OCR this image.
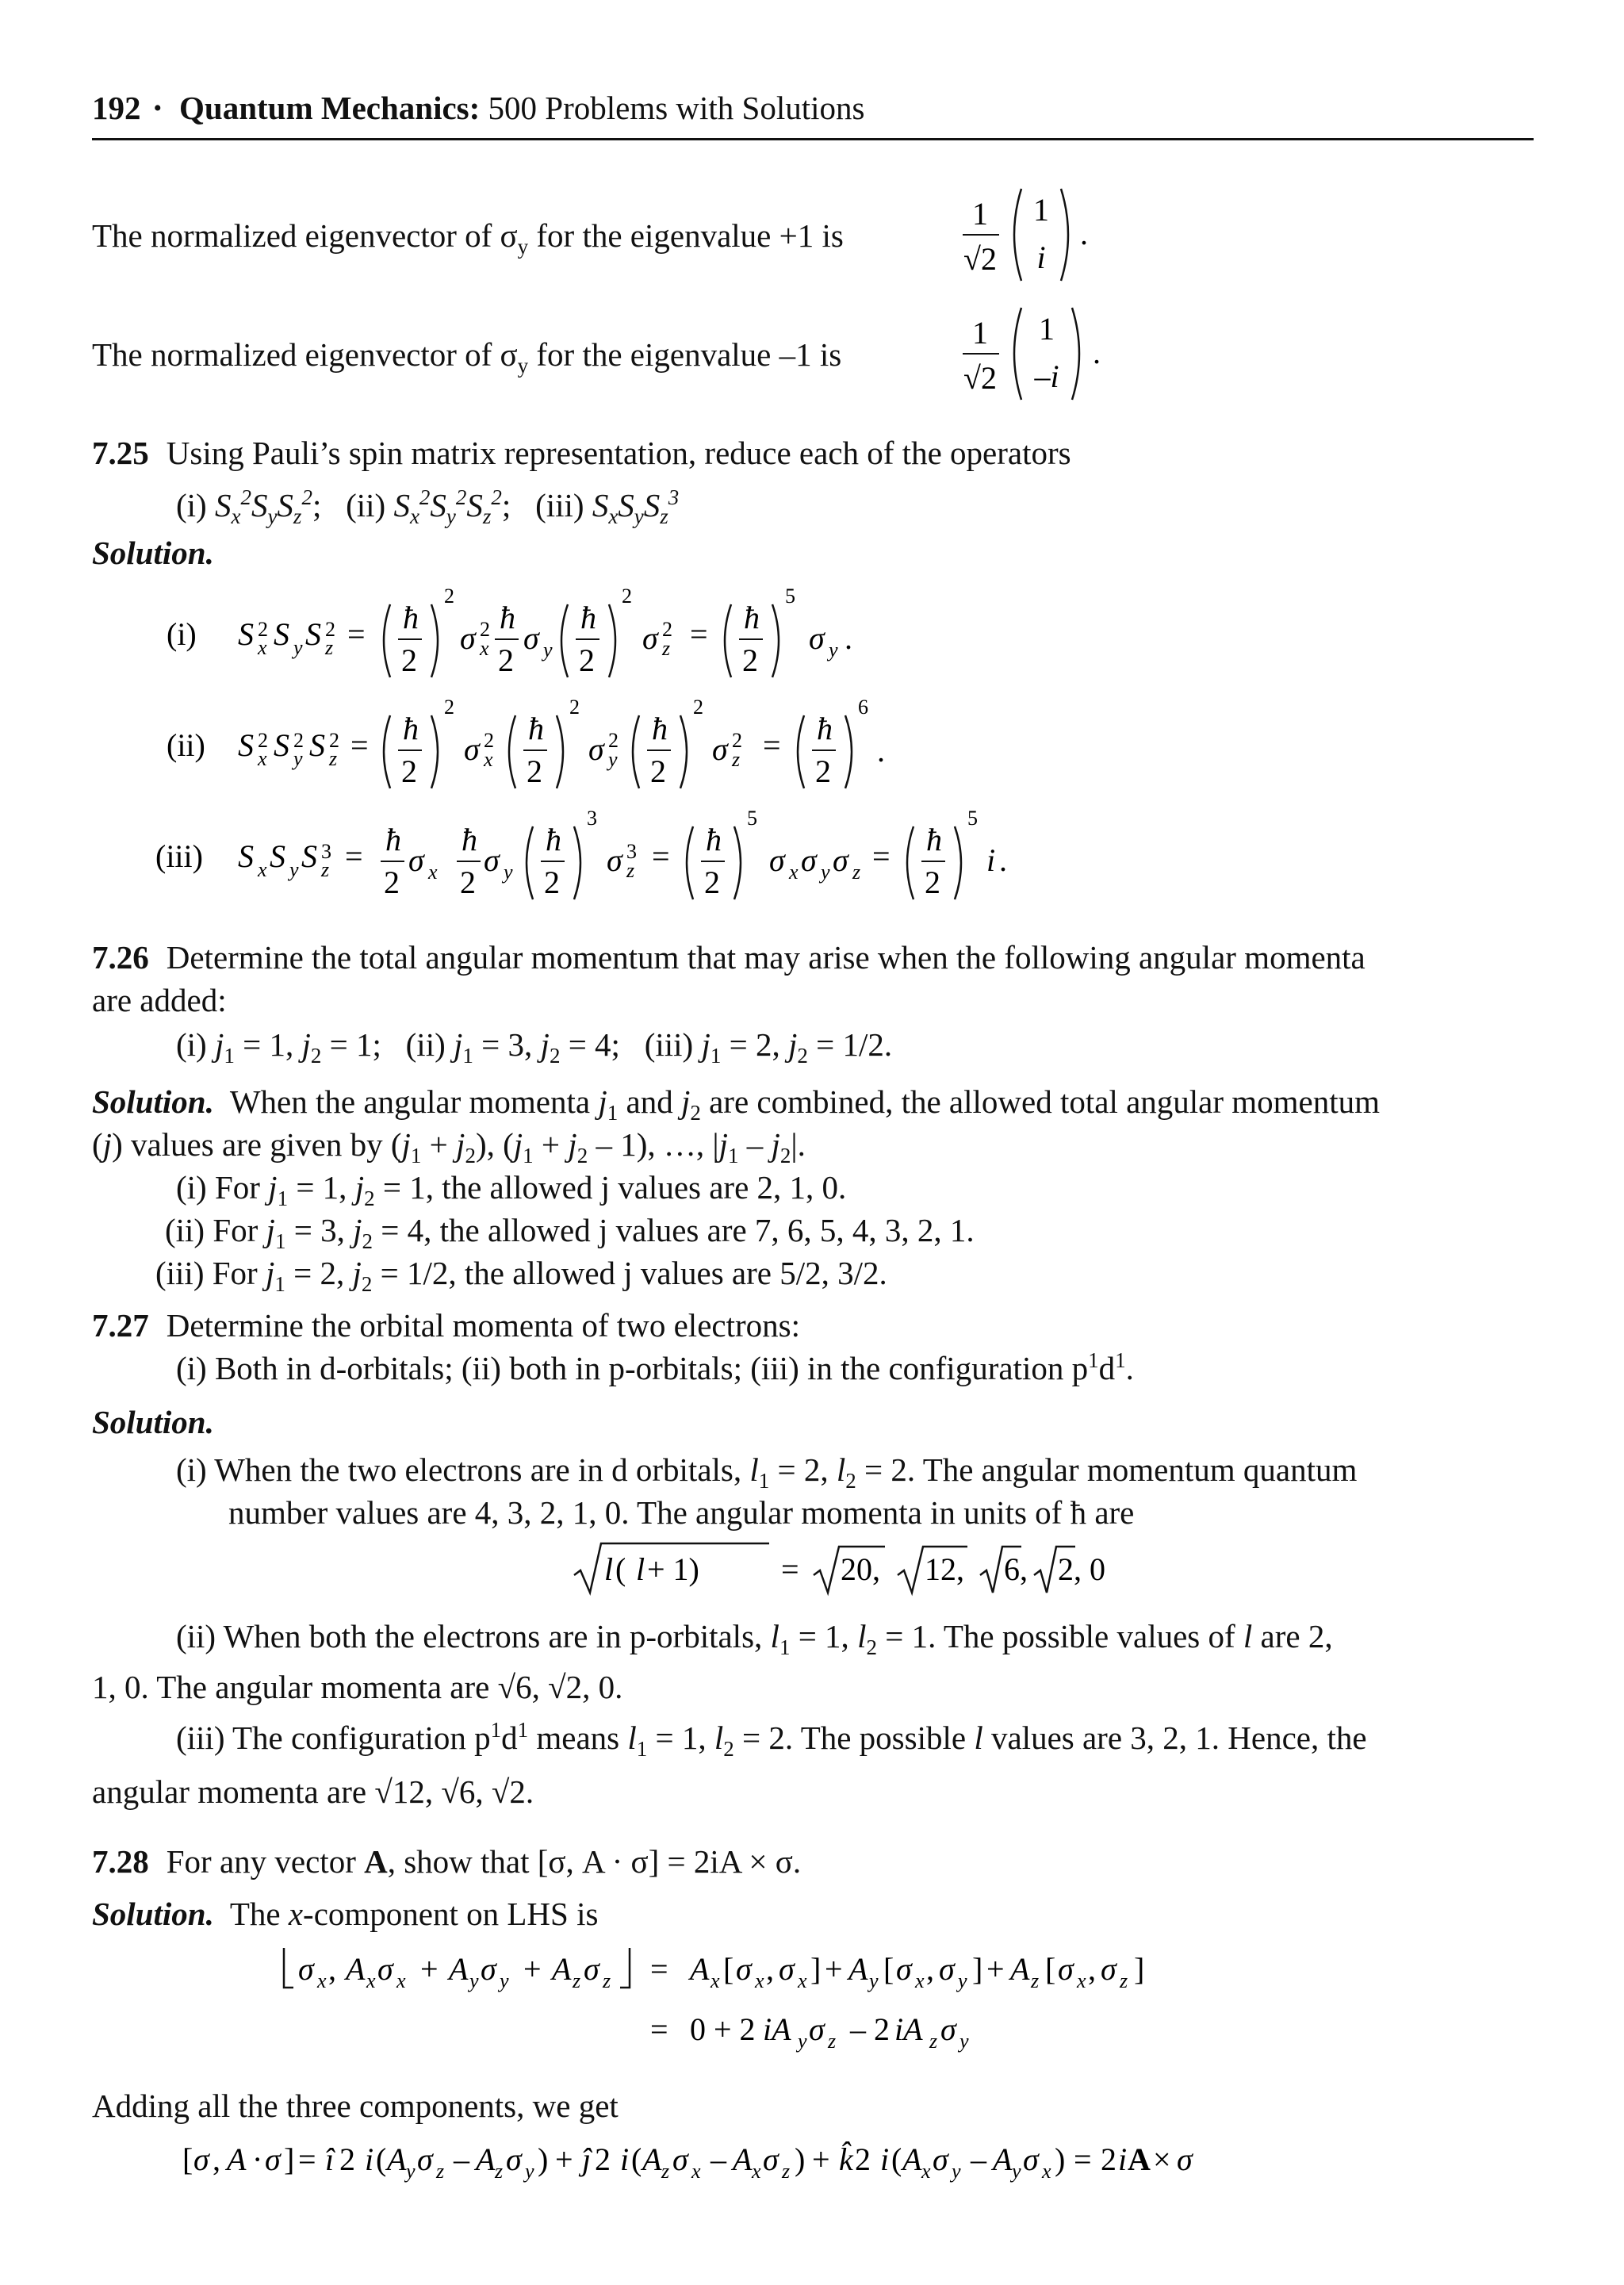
192 • Quantum Mechanics: 500 Problems with Solutions
The normalized eigenvector of $\sigma_y$ for the eigenvalue +1 is
1
√2
1
i
.
The normalized eigenvector of $\sigma_y$ for the eigenvalue –1 is
1
√2
1
–i
.
7.25 Using Pauli’s spin matrix representation, reduce each of the operators
(i) $S_x^2S_yS_z^2$;   (ii) $S_x^2S_y^2S_z^2$;   (iii) $S_xS_yS_z^3$
Solution.
(i) S 2
x S y S 2
z = ħ
2
2
σ 2
x
ħ
2
σ y
ħ
2
2
σ 2
z = ħ
2
5
σ y .
(ii) S 2
x S 2
y S 2
z = ħ
2
2
σ 2
x
ħ
2
2
σ 2
y
ħ
2
2
σ 2
z = ħ
2
6
.
(iii) S x S y S 3
z = ħ
2
σ x
ħ
2
σ y
ħ
2
3
σ 3
z = ħ
2
5
σ x σ y σ z = ħ
2
5
i .
7.26 Determine the total angular momentum that may arise when the following angular momenta
are added:
(i) $j_1 = 1$, $j_2 = 1$;   (ii) $j_1 = 3$, $j_2 = 4$;   (iii) $j_1 = 2$, $j_2 = 1/2$.
Solution. When the angular momenta $j_1$ and $j_2$ are combined, the allowed total angular momentum
(j) values are given by $(j_1 + j_2)$, $(j_1 + j_2 - 1)$, …, $|j_1 - j_2|$.
(i) For $j_1 = 1$, $j_2 = 1$, the allowed j values are 2, 1, 0.
(ii) For $j_1 = 3$, $j_2 = 4$, the allowed j values are 7, 6, 5, 4, 3, 2, 1.
(iii) For $j_1 = 2$, $j_2 = 1/2$, the allowed j values are 5/2, 3/2.
7.27 Determine the orbital momenta of two electrons:
(i) Both in d-orbitals; (ii) both in p-orbitals; (iii) in the configuration $p^1d^1$.
Solution.
(i) When the two electrons are in d orbitals, $l_1 = 2$, $l_2 = 2$. The angular momentum quantum
number values are 4, 3, 2, 1, 0. The angular momenta in units of ħ are
l ( l + 1)	= 20, 12, 6, 2, 0
(ii) When both the electrons are in p-orbitals, $l_1 = 1$, $l_2 = 1$. The possible values of l are 2,
1, 0. The angular momenta are √6, √2, 0.
(iii) The configuration $p^1d^1$ means $l_1 = 1$, $l_2 = 2$. The possible l values are 3, 2, 1. Hence, the
angular momenta are √12, √6, √2.
7.28 For any vector A, show that [σ, A · σ] = 2iA × σ.
Solution. The x-component on LHS is
σ x , A x σ x + A y σ y + A z σ z = A x [ σ x , σ x ] + A y [ σ x , σ y ] + A z [ σ x , σ z ]
= 0 + 2 iA y σ z – 2 iA z σ y
Adding all the three components, we get
[ σ , A · σ ] = î 2 i ( A y σ z – A z σ y ) + ĵ 2 i ( A z σ x – A x σ z ) + k̂ 2 i ( A x σ y – A y σ x ) = 2 i A × σ
